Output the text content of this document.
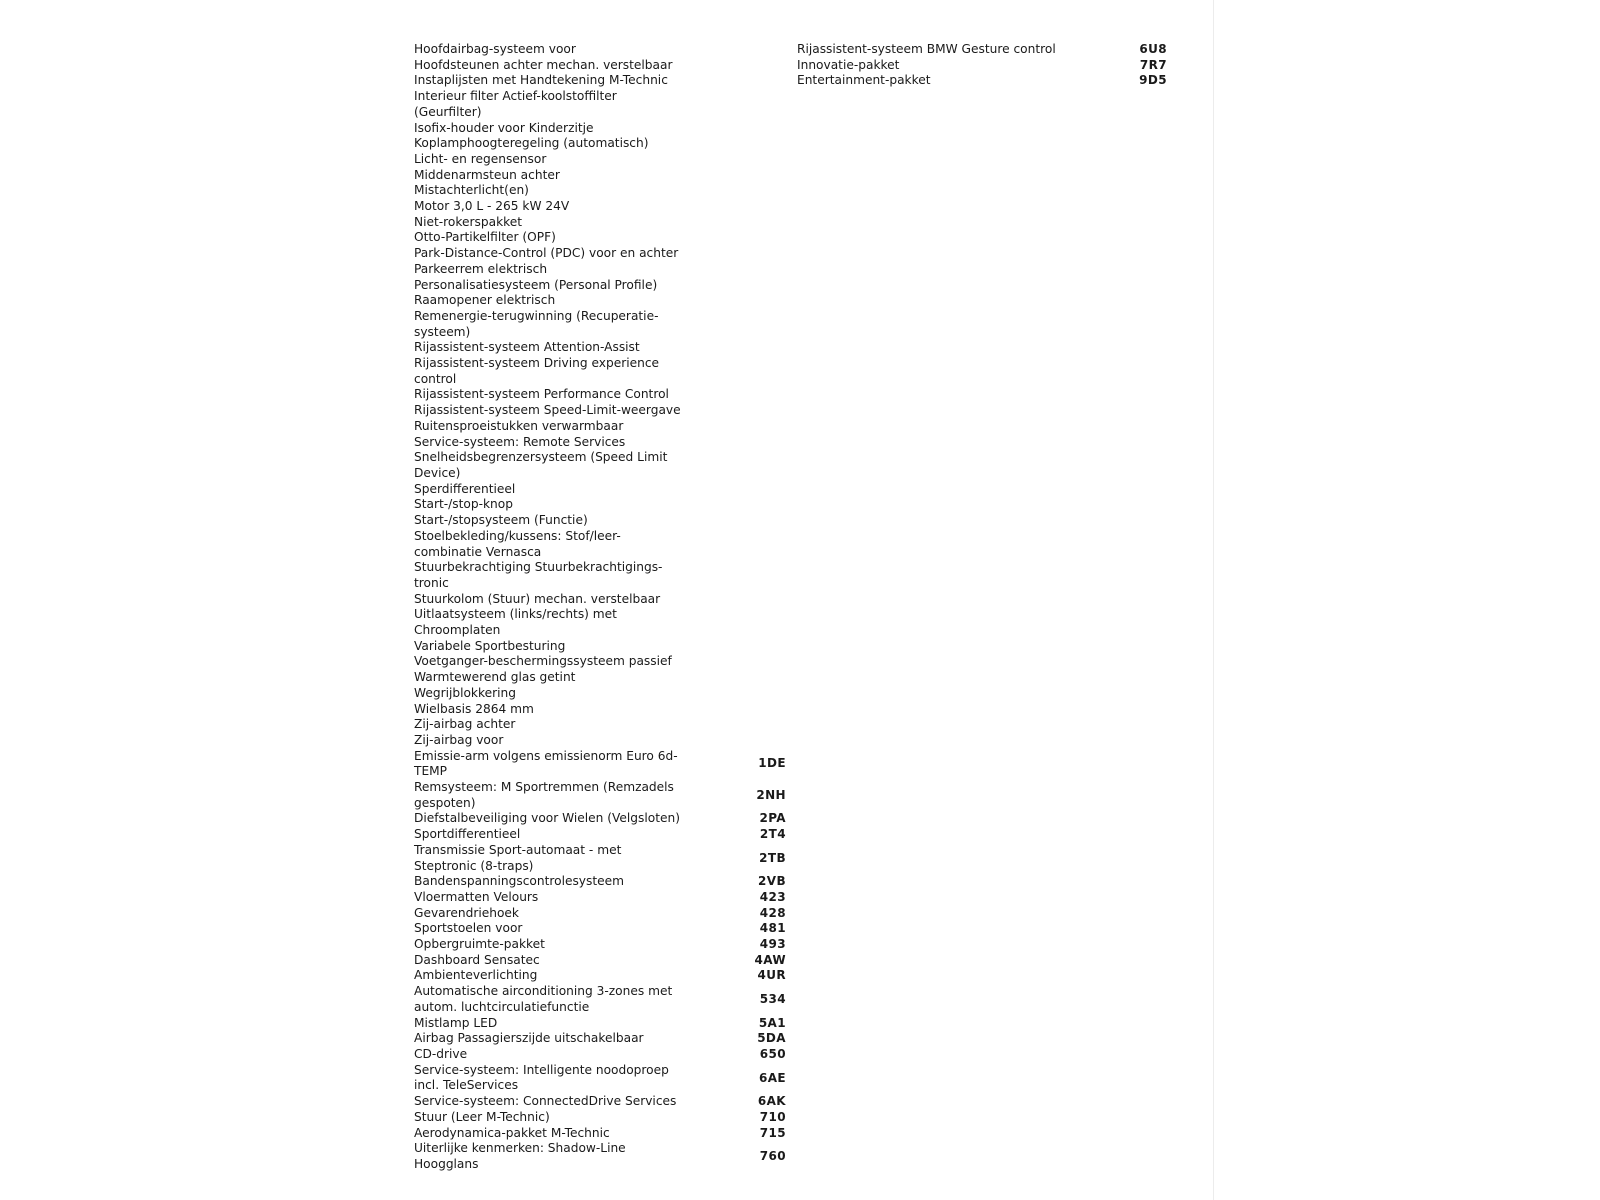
Hoofdairbag-systeem voor
Hoofdsteunen achter mechan. verstelbaar
Instaplijsten met Handtekening M-Technic
Interieur filter Actief-koolstoffilter
(Geurfilter)
Isofix-houder voor Kinderzitje
Koplamphoogteregeling (automatisch)
Licht- en regensensor
Middenarmsteun achter
Mistachterlicht(en)
Motor 3,0 L - 265 kW 24V
Niet-rokerspakket
Otto-Partikelfilter (OPF)
Park-Distance-Control (PDC) voor en achter
Parkeerrem elektrisch
Personalisatiesysteem (Personal Profile)
Raamopener elektrisch
Remenergie-terugwinning (Recuperatie-
systeem)
Rijassistent-systeem Attention-Assist
Rijassistent-systeem Driving experience
control
Rijassistent-systeem Performance Control
Rijassistent-systeem Speed-Limit-weergave
Ruitensproeistukken verwarmbaar
Service-systeem: Remote Services
Snelheidsbegrenzersysteem (Speed Limit
Device)
Sperdifferentieel
Start-/stop-knop
Start-/stopsysteem (Functie)
Stoelbekleding/kussens: Stof/leer-
combinatie Vernasca
Stuurbekrachtiging Stuurbekrachtigings-
tronic
Stuurkolom (Stuur) mechan. verstelbaar
Uitlaatsysteem (links/rechts) met
Chroomplaten
Variabele Sportbesturing
Voetganger-beschermingssysteem passief
Warmtewerend glas getint
Wegrijblokkering
Wielbasis 2864 mm
Zij-airbag achter
Zij-airbag voor
Emissie-arm volgens emissienorm Euro 6d-
TEMP
1DE
Remsysteem: M Sportremmen (Remzadels
gespoten)
2NH
Diefstalbeveiliging voor Wielen (Velgsloten)	2PA
Sportdifferentieel	2T4
Transmissie Sport-automaat - met
Steptronic (8-traps)
2TB
Bandenspanningscontrolesysteem	2VB
Vloermatten Velours	423
Gevarendriehoek	428
Sportstoelen voor	481
Opbergruimte-pakket	493
Dashboard Sensatec	4AW
Ambienteverlichting	4UR
Automatische airconditioning 3-zones met
autom. luchtcirculatiefunctie
534
Mistlamp LED	5A1
Airbag Passagierszijde uitschakelbaar	5DA
CD-drive	650
Service-systeem: Intelligente noodoproep
incl. TeleServices
6AE
Service-systeem: ConnectedDrive Services	6AK
Stuur (Leer M-Technic)	710
Aerodynamica-pakket M-Technic	715
Uiterlijke kenmerken: Shadow-Line
Hoogglans
760
Rijassistent-systeem BMW Gesture control	6U8
Innovatie-pakket	7R7
Entertainment-pakket	9D5
